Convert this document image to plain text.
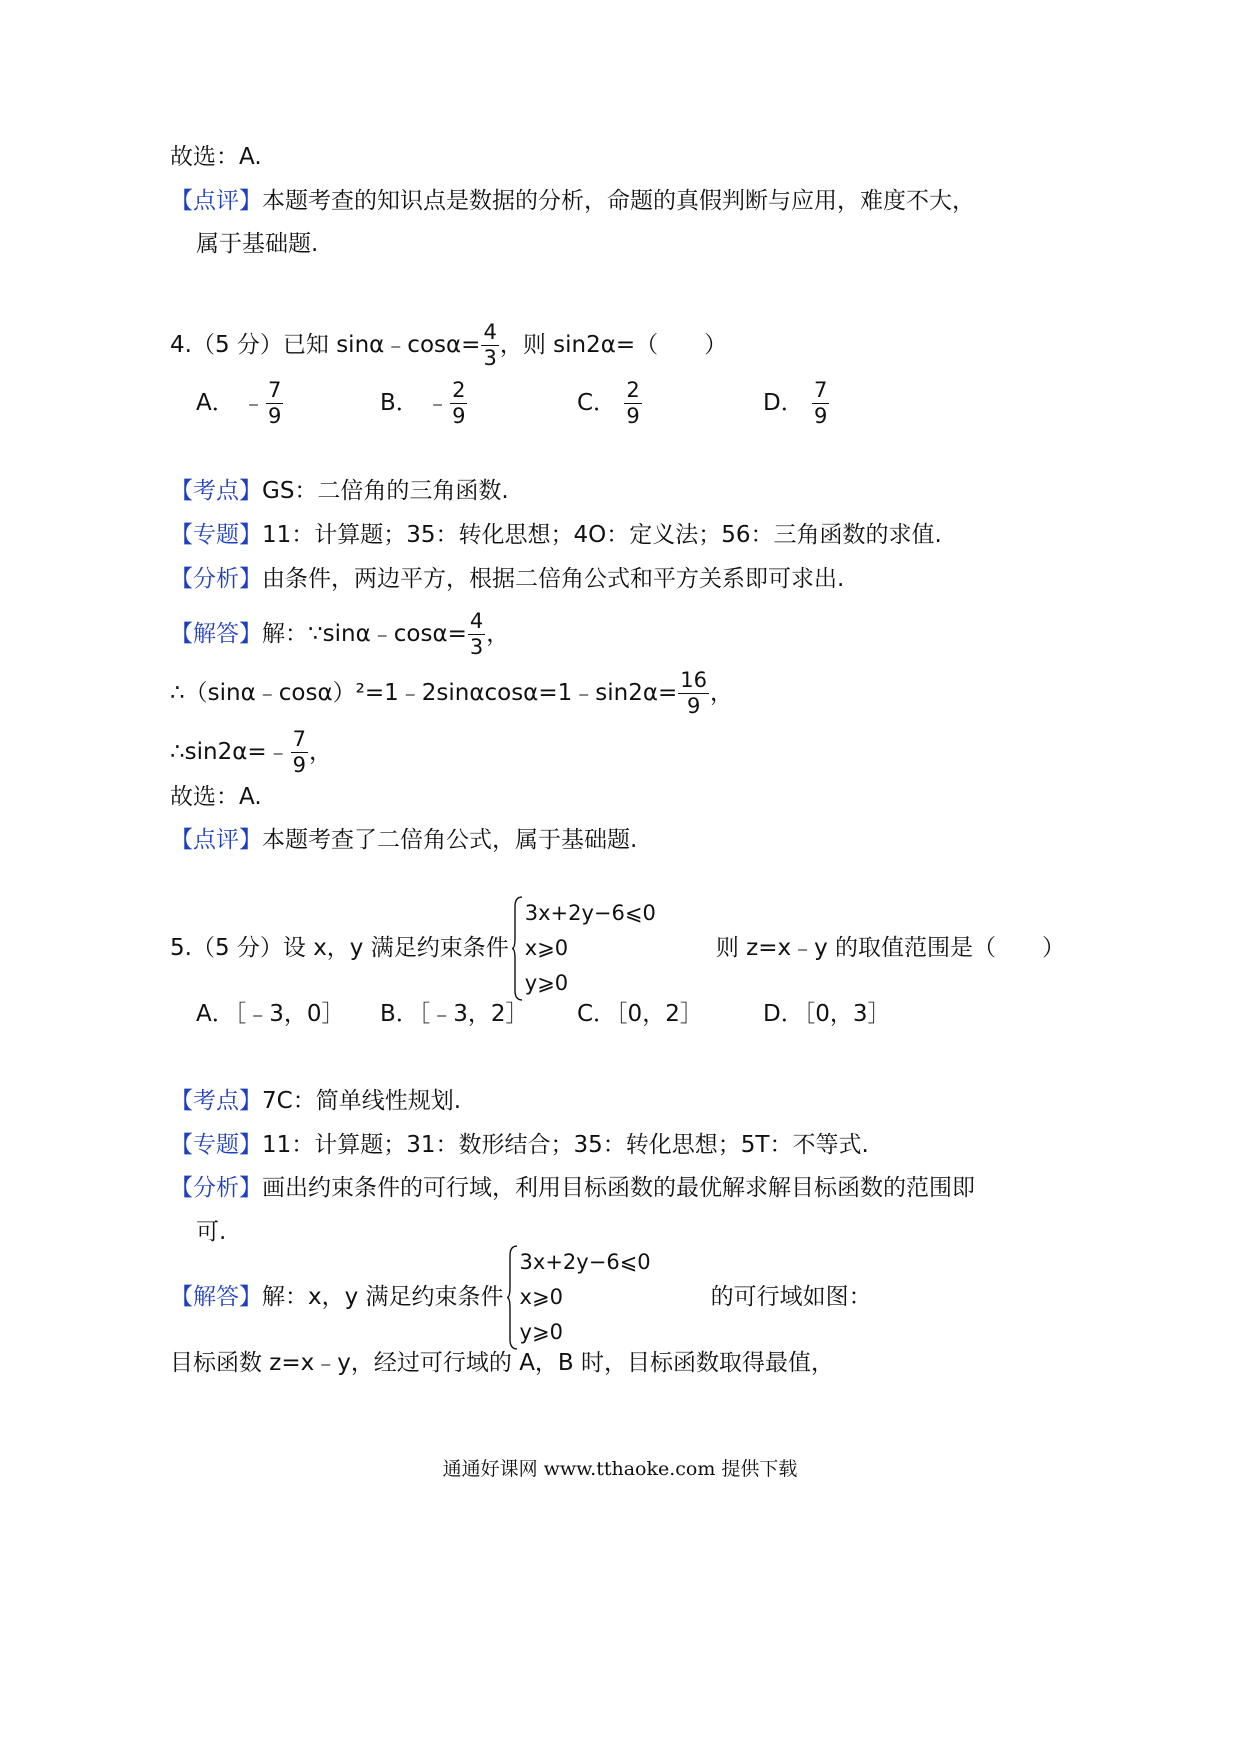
故选：A.
【点评】本题考查的知识点是数据的分析，命题的真假判断与应用，难度不大，
属于基础题.
4.（5 分）已知 sinα﹣cosα= $\frac{4}{3}$ ，则 sin2α=（　　）
A． ﹣ $\frac{7}{9}$	B． ﹣ $\frac{2}{9}$	C． $\frac{2}{9}$	D． $\frac{7}{9}$
【考点】GS：二倍角的三角函数.
【专题】11：计算题；35：转化思想；4O：定义法；56：三角函数的求值.
【分析】由条件，两边平方，根据二倍角公式和平方关系即可求出.
【解答】解：∵sinα﹣cosα= $\frac{4}{3}$ ，
∴（sinα﹣cosα）²=1﹣2sinαcosα=1﹣sin2α= $\frac{16}{9}$ ，
∴sin2α=﹣ $\frac{7}{9}$ ，
故选：A.
【点评】本题考查了二倍角公式，属于基础题.
5.（5 分）设 x，y 满足约束条件
3x+2y−6⩽0
x⩾0
y⩾0
则 z=x﹣y 的取值范围是（　　）
A．［﹣3，0］ B．［﹣3，2］ C．［0，2］	D．［0，3］
【考点】7C：简单线性规划.
【专题】11：计算题；31：数形结合；35：转化思想；5T：不等式.
【分析】画出约束条件的可行域，利用目标函数的最优解求解目标函数的范围即
可.
【解答】解：x，y 满足约束条件
3x+2y−6⩽0
x⩾0
y⩾0
的可行域如图：
目标函数 z=x﹣y，经过可行域的 A，B 时，目标函数取得最值，
通通好课网 www.tthaoke.com 提供下载
